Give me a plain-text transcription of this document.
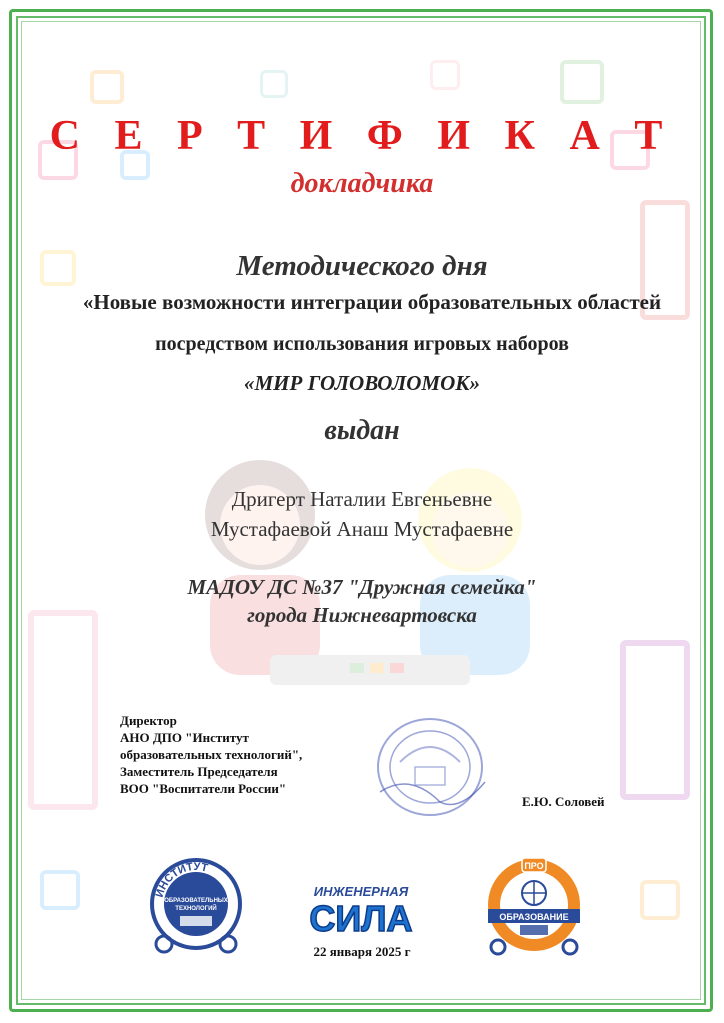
С Е Р Т И Ф И К А Т
докладчика
Методического дня
«Новые возможности интеграции образовательных областей
посредством использования игровых наборов
«МИР ГОЛОВОЛОМОК»
выдан
Дригерт Наталии Евгеньевне
Мустафаевой Анаш Мустафаевне
МАДОУ ДС №37 "Дружная семейка"
города Нижневартовска
Директор
АНО ДПО "Институт
образовательных технологий",
Заместитель Председателя
ВОО "Воспитатели России"
Е.Ю. Соловей
ИНСТИТУТ
ОБРАЗОВАТЕЛЬНЫХ
ТЕХНОЛОГИЙ
ИНЖЕНЕРНАЯ
СИЛА
ПРО
ОБРАЗОВАНИЕ
22 января 2025 г
